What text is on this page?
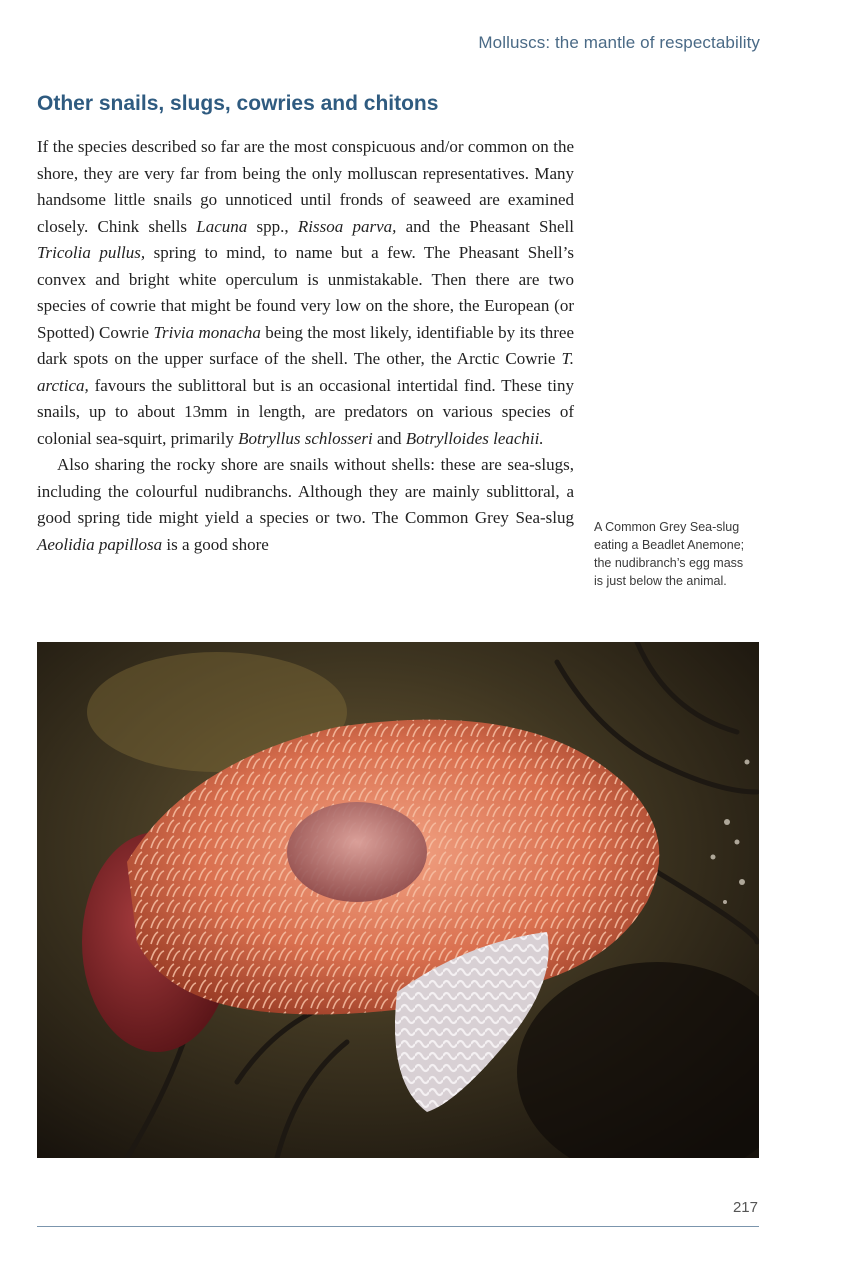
Molluscs: the mantle of respectability
Other snails, slugs, cowries and chitons

If the species described so far are the most conspicuous and/or common on the shore, they are very far from being the only molluscan representatives. Many handsome little snails go unnoticed until fronds of seaweed are examined closely. Chink shells Lacuna spp., Rissoa parva, and the Pheasant Shell Tricolia pullus, spring to mind, to name but a few. The Pheasant Shell’s convex and bright white operculum is unmistakable. Then there are two species of cowrie that might be found very low on the shore, the European (or Spotted) Cowrie Trivia monacha being the most likely, identifiable by its three dark spots on the upper surface of the shell. The other, the Arctic Cowrie T. arctica, favours the sublittoral but is an occasional intertidal find. These tiny snails, up to about 13mm in length, are predators on various species of colonial sea-squirt, primarily Botryllus schlosseri and Botrylloides leachii.

Also sharing the rocky shore are snails without shells: these are sea-slugs, including the colourful nudibranchs. Although they are mainly sublittoral, a good spring tide might yield a species or two. The Common Grey Sea-slug Aeolidia papillosa is a good shore

A Common Grey Sea-slug eating a Beadlet Anemone; the nudibranch’s egg mass is just below the animal.

217
